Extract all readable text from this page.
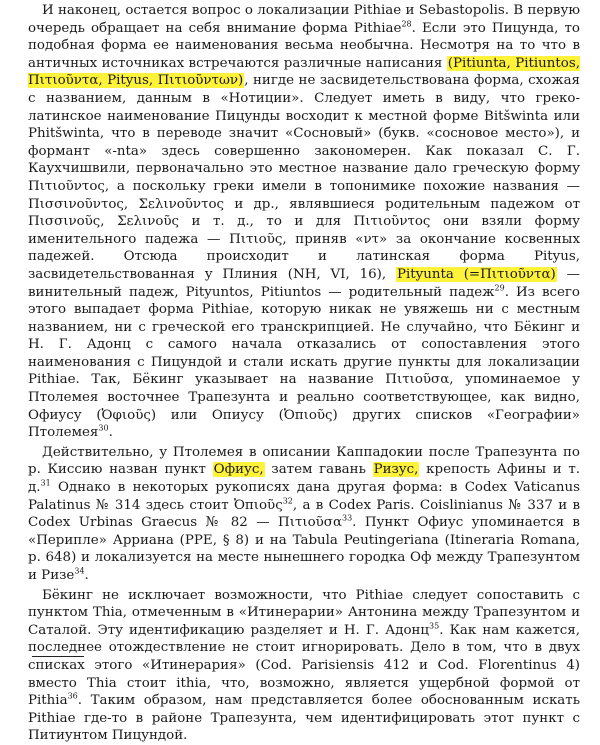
И наконец, остается вопрос о локализации Pithiae и Sebastopolis. В первую очередь обращает на себя внимание форма Pithiae$^{28}$. Если это Пицунда, то подобная форма ее наименования весьма необычна. Несмотря на то что в античных источниках встречаются различные написания (Pitiunta, Pitiuntos, Πιτιοῦντα, Pityus, Πιτιοῦντων), нигде не засвидетельствована форма, схожая с названием, данным в «Нотиции». Следует иметь в виду, что греко-латинское наименование Пицунды восходит к местной форме Bitšwinta или Phitšwinta, что в переводе значит «Сосновый» (букв. «сосновое место»), и формант «-nta» здесь совершенно закономерен. Как показал С. Г. Каухчишвили, первоначально это местное название дало греческую форму Πιτιοῦντος, а поскольку греки имели в топонимике похожие названия — Πισσινοῦντος, Σελινοῦντος и др., являвшиеся родительным падежом от Πισσινοῦς, Σελινοῦς и т. д., то и для Πιτιοῦντος они взяли форму именительного падежа — Πιτιοῦς, приняв «ντ» за окончание косвенных падежей. Отсюда происходит и латинская форма Pityus, засвидетельствованная у Плиния (NH, VI, 16), Pityunta (=Πιτιοῦντα) — винительный падеж, Pityuntos, Pitiuntos — родительный падеж$^{29}$. Из всего этого выпадает форма Pithiae, которую никак не увяжешь ни с местным названием, ни с греческой его транскрипцией. Не случайно, что Бёкинг и Н. Г. Адонц с самого начала отказались от сопоставления этого наименования с Пицундой и стали искать другие пункты для локализации Pithiae. Так, Бёкинг указывает на название Πιτιοῦσα, упоминаемое у Птолемея восточнее Трапезунта и реально соответствующее, как видно, Офиусу (Ὀφιοῦς) или Опиусу (Ὀπιοῦς) других списков «Географии» Птолемея$^{30}$.

Действительно, у Птолемея в описании Каппадокии после Трапезунта по р. Киссию назван пункт Офиус, затем гавань Ризус, крепость Афины и т. д.$^{31}$ Однако в некоторых рукописях дана другая форма: в Codex Vaticanus Palatinus № 314 здесь стоит Ὀπιοῦς$^{32}$, а в Codex Paris. Coislinianus № 337 и в Codex Urbinas Graecus № 82 — Πιτιοῦσα$^{33}$. Пункт Офиус упоминается в «Перипле» Арриана (PPE, § 8) и на Tabula Peutingeriana (Itineraria Romana, p. 648) и локализуется на месте нынешнего городка Оф между Трапезунтом и Ризе$^{34}$.

Бёкинг не исключает возможности, что Pithiae следует сопоставить с пунктом Thia, отмеченным в «Итинерарии» Антонина между Трапезунтом и Саталой. Эту идентификацию разделяет и Н. Г. Адонц$^{35}$. Как нам кажется, последнее отождествление не стоит игнорировать. Дело в том, что в двух списках этого «Итинерария» (Cod. Parisiensis 412 и Cod. Florentinus 4) вместо Thia стоит ithia, что, возможно, является ущербной формой от Pithia$^{36}$. Таким образом, нам представляется более обоснованным искать Pithiae где-то в районе Трапезунта, чем идентифицировать этот пункт с Питиунтом Пицундой.
